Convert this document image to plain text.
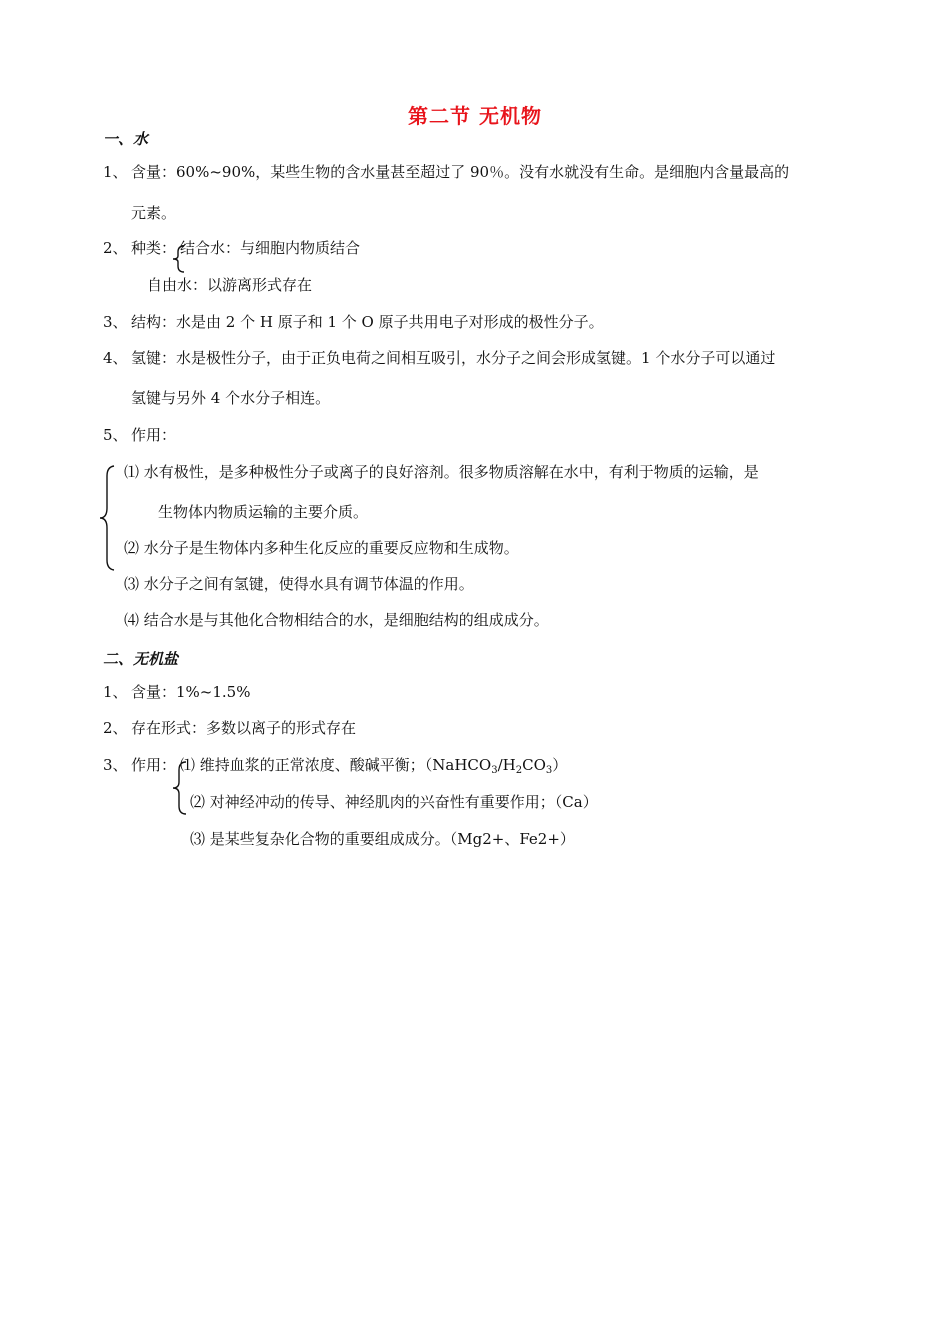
第二节 无机物
一、水
1、 含量：60%~90%，某些生物的含水量甚至超过了 90％。没有水就没有生命。是细胞内含量最高的
元素。
2、 种类： 结合水：与细胞内物质结合
自由水：以游离形式存在
3、 结构：水是由 2 个 H 原子和 1 个 O 原子共用电子对形成的极性分子。
4、 氢键：水是极性分子，由于正负电荷之间相互吸引，水分子之间会形成氢键。1 个水分子可以通过
氢键与另外 4 个水分子相连。
5、 作用：
⑴ 水有极性，是多种极性分子或离子的良好溶剂。很多物质溶解在水中，有利于物质的运输，是
生物体内物质运输的主要介质。
⑵ 水分子是生物体内多种生化反应的重要反应物和生成物。
⑶ 水分子之间有氢键，使得水具有调节体温的作用。
⑷ 结合水是与其他化合物相结合的水，是细胞结构的组成成分。
二、无机盐
1、 含量：1%~1.5%
2、 存在形式：多数以离子的形式存在
3、 作用： ⑴ 维持血浆的正常浓度、酸碱平衡；$(NaHCO_3/H_2CO_3)$
⑵ 对神经冲动的传导、神经肌肉的兴奋性有重要作用；（Ca）
⑶ 是某些复杂化合物的重要组成成分。（Mg2+、Fe2+）
